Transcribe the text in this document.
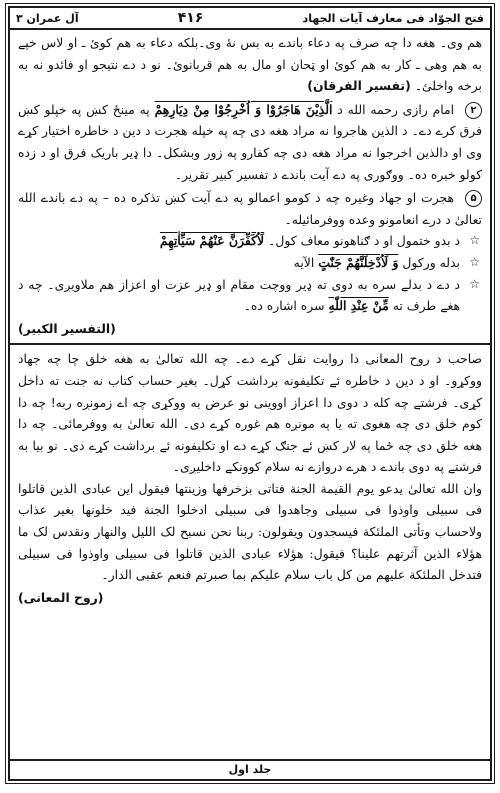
آل عمران ۳	۴۱۶	فتح الجوّاد فی معارف آیات الجهاد

هم وی۔ هغه دا چه صرف په دعاء باندے به بس نۀ وی۔بلکه دعاء به هم کوئ ـ او لاس خپے به هم وهی ـ کار به هم کوئ او ټحان او مال به هم قربانوئ۔ نو د دے نتیجو او فائدو نه به برخه واخلئ۔ (تفسیر الفرقان)

۲ امام رازی رحمه الله د الَّذِيْنَ هَاجَرُوْا وَ اُخْرِجُوْا مِنْ دِيَارِهِمْ په مینځ کښ په خپلو کښ فرق کرے دے۔ د الذین هاجروا نه مراد هغه دی چه په خپله هجرت د دین د خاطره اختیار کړے وی او دالذین اخرجوا نه مراد هغه دی چه کفارو په زور وبشکل۔ دا ډیر باریک فرق او د زده کولو خبره ده۔ ووګوری په دے آیت باندے د تفسیر کبیر تقریر۔

۵ هجرت او جهاد وغیره چه د کومو اعمالو په دے آیت کښ تذکره ده – په دے باندے الله تعالیٰ د درے انعامونو وعده ووفرمائیله۔

☆ د بدو ختمول او د ګناهونو معاف کول۔ لَاُكَفِّرَنَّ عَنْهُمْ سَيِّاٰتِهِمْ

☆ بدله ورکول وَ لَاُدْخِلَنَّهُمْ جَنّٰتٍ الآیه

☆ د دے د بدلے سره به دوی ته ډیر ووچت مقام او ډیر عزت او اعزاز هم ملاویږی۔ چه د هغے طرف ته مِّنْ عِنْدِ اللّٰهِ سره اشاره ده۔

(التفسیر الکبیر)

صاحب د روح المعانی دا روایت نقل کړے دے۔ چه الله تعالیٰ به هغه خلق چا چه جهاد ووکړو۔ او د دین د خاطره ئے تکلیفونه برداشت کړل۔ بغیر حساب کتاب نه جنت ته داخل کړی۔ فرشتے چه کله د دوی دا اعزاز اووینی نو عرض به ووکړی چه اے زمونږه ربه! چه دا کوم خلق دی چه هغوی ته یا په مونږه هم غوره کړے دی۔ الله تعالیٰ به ووفرمائی۔ چه دا هغه خلق دی چه ځما په لار کښ ئے جنګ کړے دے او تکلیفونه ئے برداشت کړے دی۔ نو بیا به فرشتے په دوی باندے د هرے دروازے نه سلام کوونکے داخلیږی۔

وان الله تعالیٰ یدعو یوم القیمة الجنة فتاتی بزخرفها وزینتها فیقول این عبادی الذین قاتلوا فی سبیلی واوذوا فی سبیلی وجاهدوا فی سبیلی ادخلوا الجنة فید خلونها بغیر عذاب ولاحساب وتأتی الملئکة فیسجدون ویقولون: ربنا نحن نسبح لک اللیل والنهار ونقدس لک ما هؤلاء الذین آثرتهم علینا؟ فیقول: هؤلاء عبادی الذین قاتلوا فی سبیلی واوذوا فی سبیلی فتدخل الملئکة علیهم من کل باب سلام علیکم بما صبرتم فنعم عقبی الدار۔

(روح المعانی)

جلد اول
